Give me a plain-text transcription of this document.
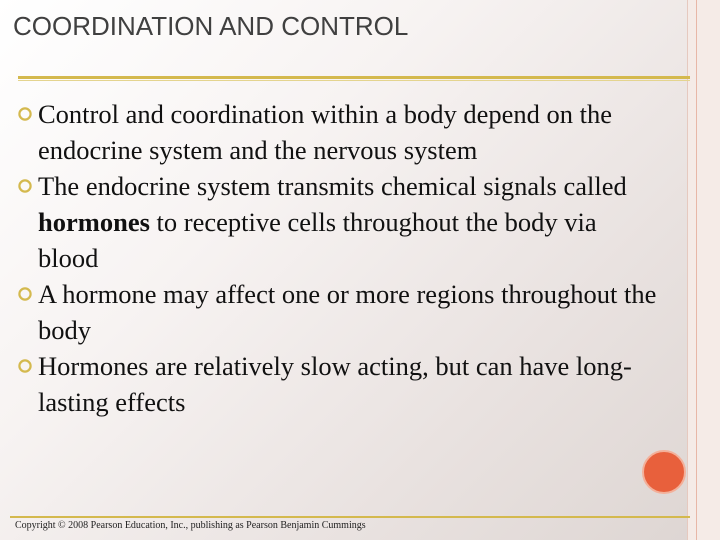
COORDINATION AND CONTROL
Control and coordination within a body depend on the endocrine system and the nervous system
The endocrine system transmits chemical signals called hormones to receptive cells throughout the body via blood
A hormone may affect one or more regions throughout the body
Hormones are relatively slow acting, but can have long-lasting effects
Copyright © 2008 Pearson Education, Inc., publishing as Pearson Benjamin Cummings
